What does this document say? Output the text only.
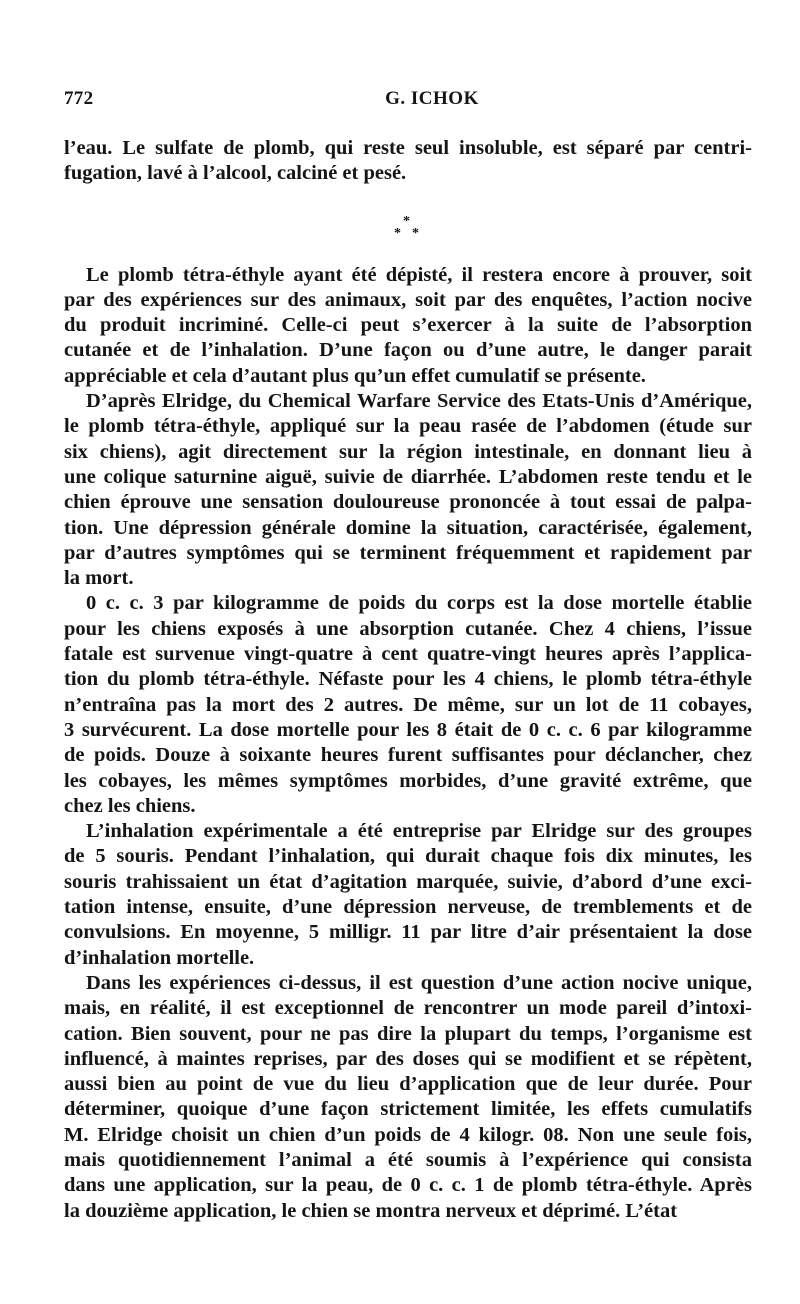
772	G. ICHOK
l’eau. Le sulfate de plomb, qui reste seul insoluble, est séparé par centri-
fugation, lavé à l’alcool, calciné et pesé.
*
* *
Le plomb tétra-éthyle ayant été dépisté, il restera encore à prouver, soit
par des expériences sur des animaux, soit par des enquêtes, l’action nocive
du produit incriminé. Celle-ci peut s’exercer à la suite de l’absorption
cutanée et de l’inhalation. D’une façon ou d’une autre, le danger parait
appréciable et cela d’autant plus qu’un effet cumulatif se présente.
D’après Elridge, du Chemical Warfare Service des Etats-Unis d’Amérique,
le plomb tétra-éthyle, appliqué sur la peau rasée de l’abdomen (étude sur
six chiens), agit directement sur la région intestinale, en donnant lieu à
une colique saturnine aiguë, suivie de diarrhée. L’abdomen reste tendu et le
chien éprouve une sensation douloureuse prononcée à tout essai de palpa-
tion. Une dépression générale domine la situation, caractérisée, également,
par d’autres symptômes qui se terminent fréquemment et rapidement par
la mort.
0 c. c. 3 par kilogramme de poids du corps est la dose mortelle établie
pour les chiens exposés à une absorption cutanée. Chez 4 chiens, l’issue
fatale est survenue vingt-quatre à cent quatre-vingt heures après l’applica-
tion du plomb tétra-éthyle. Néfaste pour les 4 chiens, le plomb tétra-éthyle
n’entraîna pas la mort des 2 autres. De même, sur un lot de 11 cobayes,
3 survécurent. La dose mortelle pour les 8 était de 0 c. c. 6 par kilogramme
de poids. Douze à soixante heures furent suffisantes pour déclancher, chez
les cobayes, les mêmes symptômes morbides, d’une gravité extrême, que
chez les chiens.
L’inhalation expérimentale a été entreprise par Elridge sur des groupes
de 5 souris. Pendant l’inhalation, qui durait chaque fois dix minutes, les
souris trahissaient un état d’agitation marquée, suivie, d’abord d’une exci-
tation intense, ensuite, d’une dépression nerveuse, de tremblements et de
convulsions. En moyenne, 5 milligr. 11 par litre d’air présentaient la dose
d’inhalation mortelle.
Dans les expériences ci-dessus, il est question d’une action nocive unique,
mais, en réalité, il est exceptionnel de rencontrer un mode pareil d’intoxi-
cation. Bien souvent, pour ne pas dire la plupart du temps, l’organisme est
influencé, à maintes reprises, par des doses qui se modifient et se répètent,
aussi bien au point de vue du lieu d’application que de leur durée. Pour
déterminer, quoique d’une façon strictement limitée, les effets cumulatifs
M. Elridge choisit un chien d’un poids de 4 kilogr. 08. Non une seule fois,
mais quotidiennement l’animal a été soumis à l’expérience qui consista
dans une application, sur la peau, de 0 c. c. 1 de plomb tétra-éthyle. Après
la douzième application, le chien se montra nerveux et déprimé. L’état
